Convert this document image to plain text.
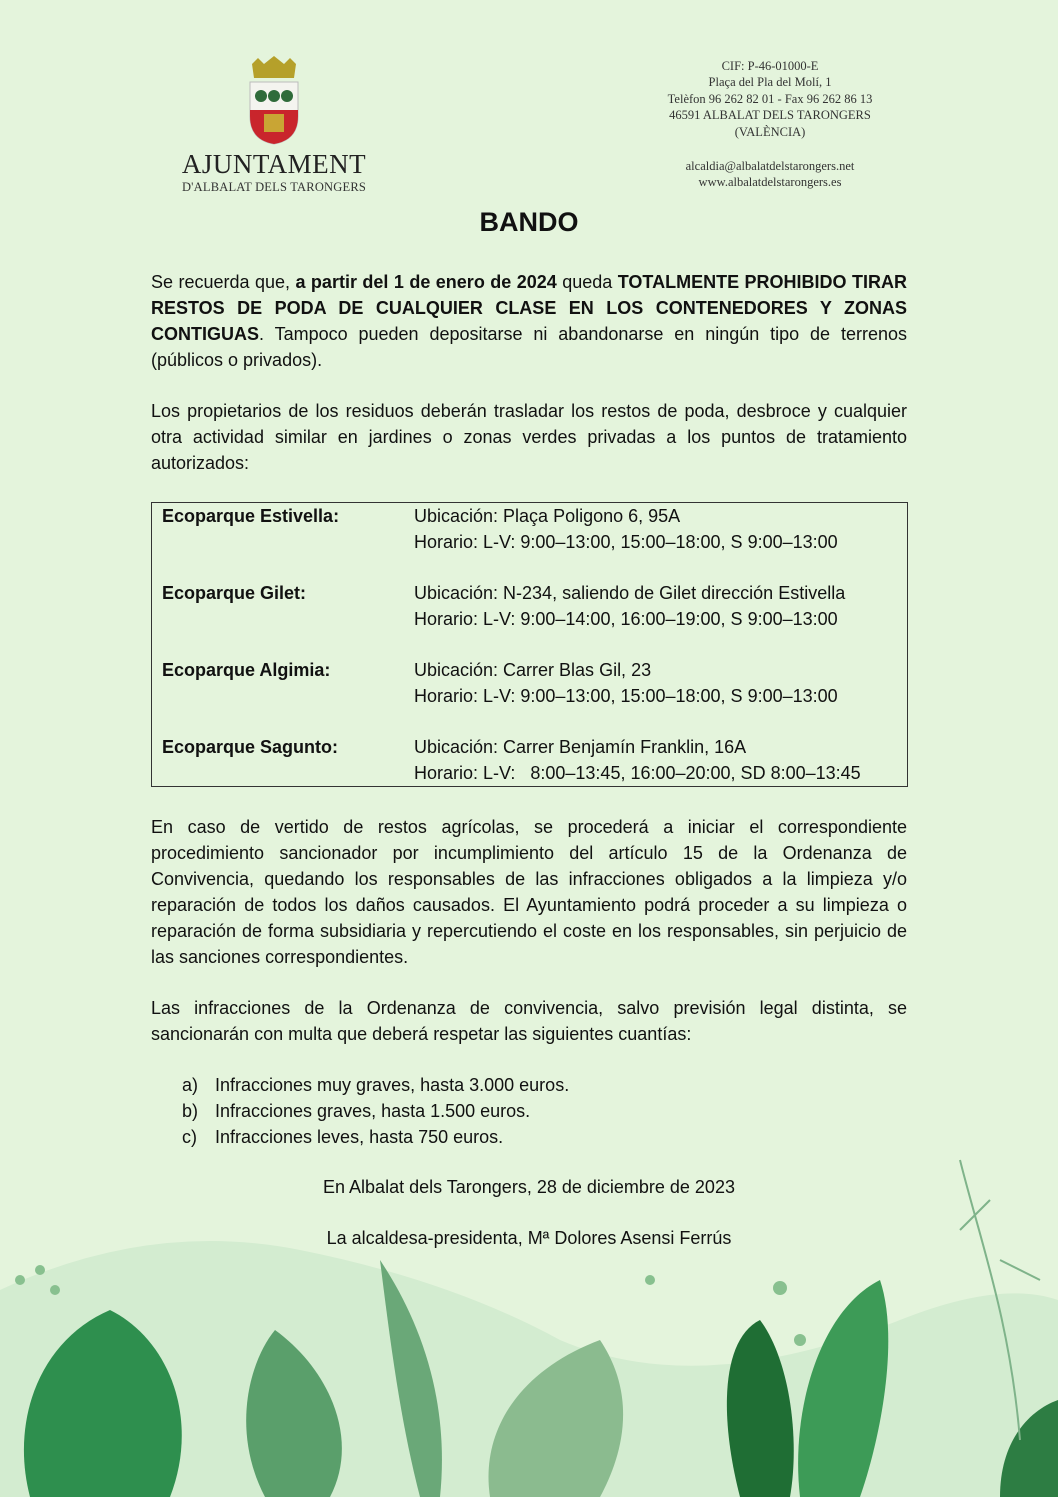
AJUNTAMENT
D'ALBALAT DELS TARONGERS
CIF: P-46-01000-E
Plaça del Pla del Molí, 1
Telèfon 96 262 82 01 - Fax 96 262 86 13
46591 ALBALAT DELS TARONGERS
(VALÈNCIA)
alcaldia@albalatdelstarongers.net
www.albalatdelstarongers.es
BANDO
Se recuerda que, a partir del 1 de enero de 2024 queda TOTALMENTE PROHIBIDO TIRAR RESTOS DE PODA DE CUALQUIER CLASE EN LOS CONTENEDORES Y ZONAS CONTIGUAS. Tampoco pueden depositarse ni abandonarse en ningún tipo de terrenos (públicos o privados).
Los propietarios de los residuos deberán trasladar los restos de poda, desbroce y cualquier otra actividad similar en jardines o zonas verdes privadas a los puntos de tratamiento autorizados:
Ecoparque Estivella:	Ubicación: Plaça Poligono 6, 95A
Horario: L-V: 9:00–13:00, 15:00–18:00, S 9:00–13:00

Ecoparque Gilet:	Ubicación: N-234, saliendo de Gilet dirección Estivella
Horario: L-V: 9:00–14:00, 16:00–19:00, S 9:00–13:00

Ecoparque Algimia:	Ubicación: Carrer Blas Gil, 23
Horario: L-V: 9:00–13:00, 15:00–18:00, S 9:00–13:00

Ecoparque Sagunto:	Ubicación: Carrer Benjamín Franklin, 16A
Horario: L-V:   8:00–13:45, 16:00–20:00, SD 8:00–13:45
En caso de vertido de restos agrícolas, se procederá a iniciar el correspondiente procedimiento sancionador por incumplimiento del artículo 15 de la Ordenanza de Convivencia, quedando los responsables de las infracciones obligados a la limpieza y/o reparación de todos los daños causados. El Ayuntamiento podrá proceder a su limpieza o reparación de forma subsidiaria y repercutiendo el coste en los responsables, sin perjuicio de las sanciones correspondientes.
Las infracciones de la Ordenanza de convivencia, salvo previsión legal distinta, se sancionarán con multa que deberá respetar las siguientes cuantías:
a) Infracciones muy graves, hasta 3.000 euros.
b) Infracciones graves, hasta 1.500 euros.
c)	Infracciones leves, hasta 750 euros.
En Albalat dels Tarongers, 28 de diciembre de 2023
La alcaldesa-presidenta, Mª Dolores Asensi Ferrús
